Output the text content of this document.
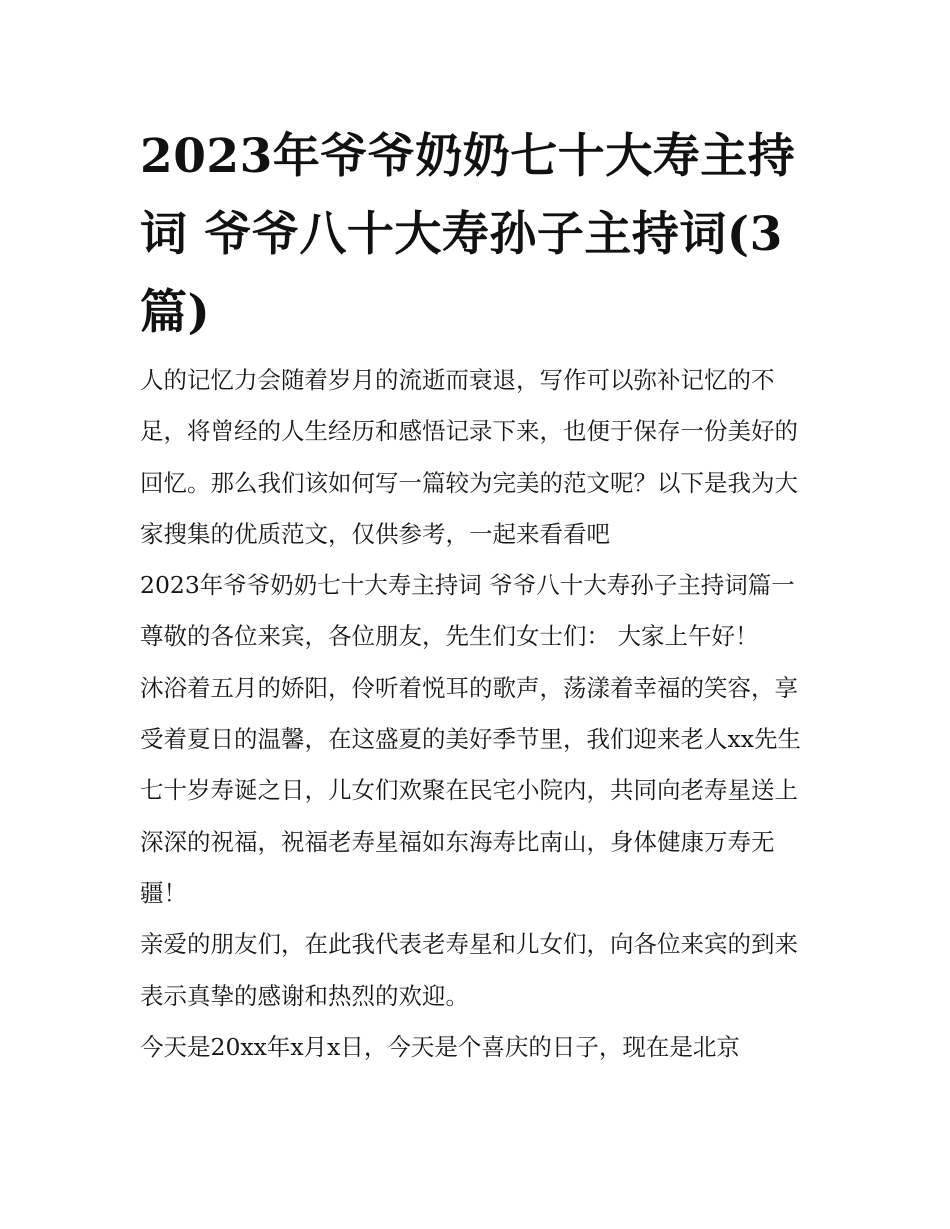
2023年爷爷奶奶七十大寿主持词 爷爷八十大寿孙子主持词(3篇)

人的记忆力会随着岁月的流逝而衰退，写作可以弥补记忆的不足，将曾经的人生经历和感悟记录下来，也便于保存一份美好的回忆。那么我们该如何写一篇较为完美的范文呢？以下是我为大家搜集的优质范文，仅供参考，一起来看看吧

2023年爷爷奶奶七十大寿主持词 爷爷八十大寿孙子主持词篇一 尊敬的各位来宾，各位朋友，先生们女士们： 大家上午好！

沐浴着五月的娇阳，伶听着悦耳的歌声，荡漾着幸福的笑容，享受着夏日的温馨，在这盛夏的美好季节里，我们迎来老人xx先生七十岁寿诞之日，儿女们欢聚在民宅小院内，共同向老寿星送上深深的祝福，祝福老寿星福如东海寿比南山，身体健康万寿无疆！

亲爱的朋友们，在此我代表老寿星和儿女们，向各位来宾的到来表示真挚的感谢和热烈的欢迎。

今天是20xx年x月x日，今天是个喜庆的日子，现在是北京
